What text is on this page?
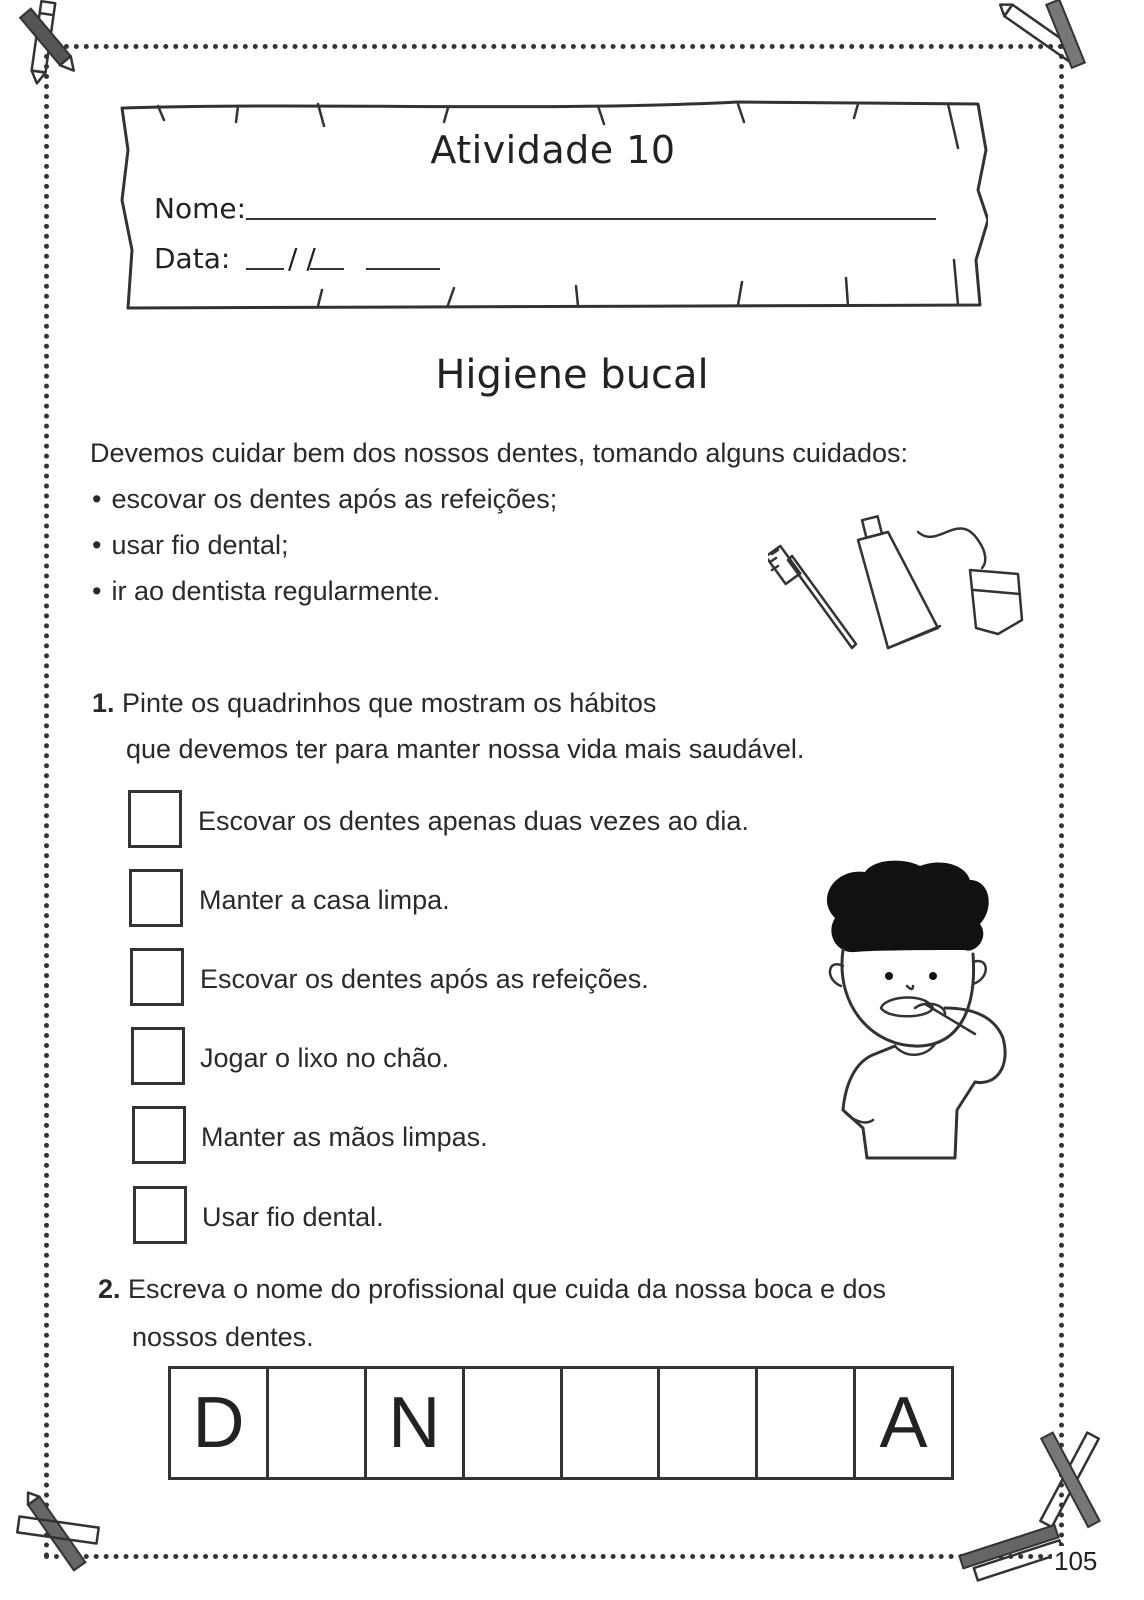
Atividade 10
Nome:
Data: / /
Higiene bucal
Devemos cuidar bem dos nossos dentes, tomando alguns cuidados:
• escovar os dentes após as refeições;
• usar fio dental;
• ir ao dentista regularmente.
1. Pinte os quadrinhos que mostram os hábitos
que devemos ter para manter nossa vida mais saudável.
Escovar os dentes apenas duas vezes ao dia.
Manter a casa limpa.
Escovar os dentes após as refeições.
Jogar o lixo no chão.
Manter as mãos limpas.
Usar fio dental.
2. Escreva o nome do profissional que cuida da nossa boca e dos
nossos dentes.
D	N	A
105
